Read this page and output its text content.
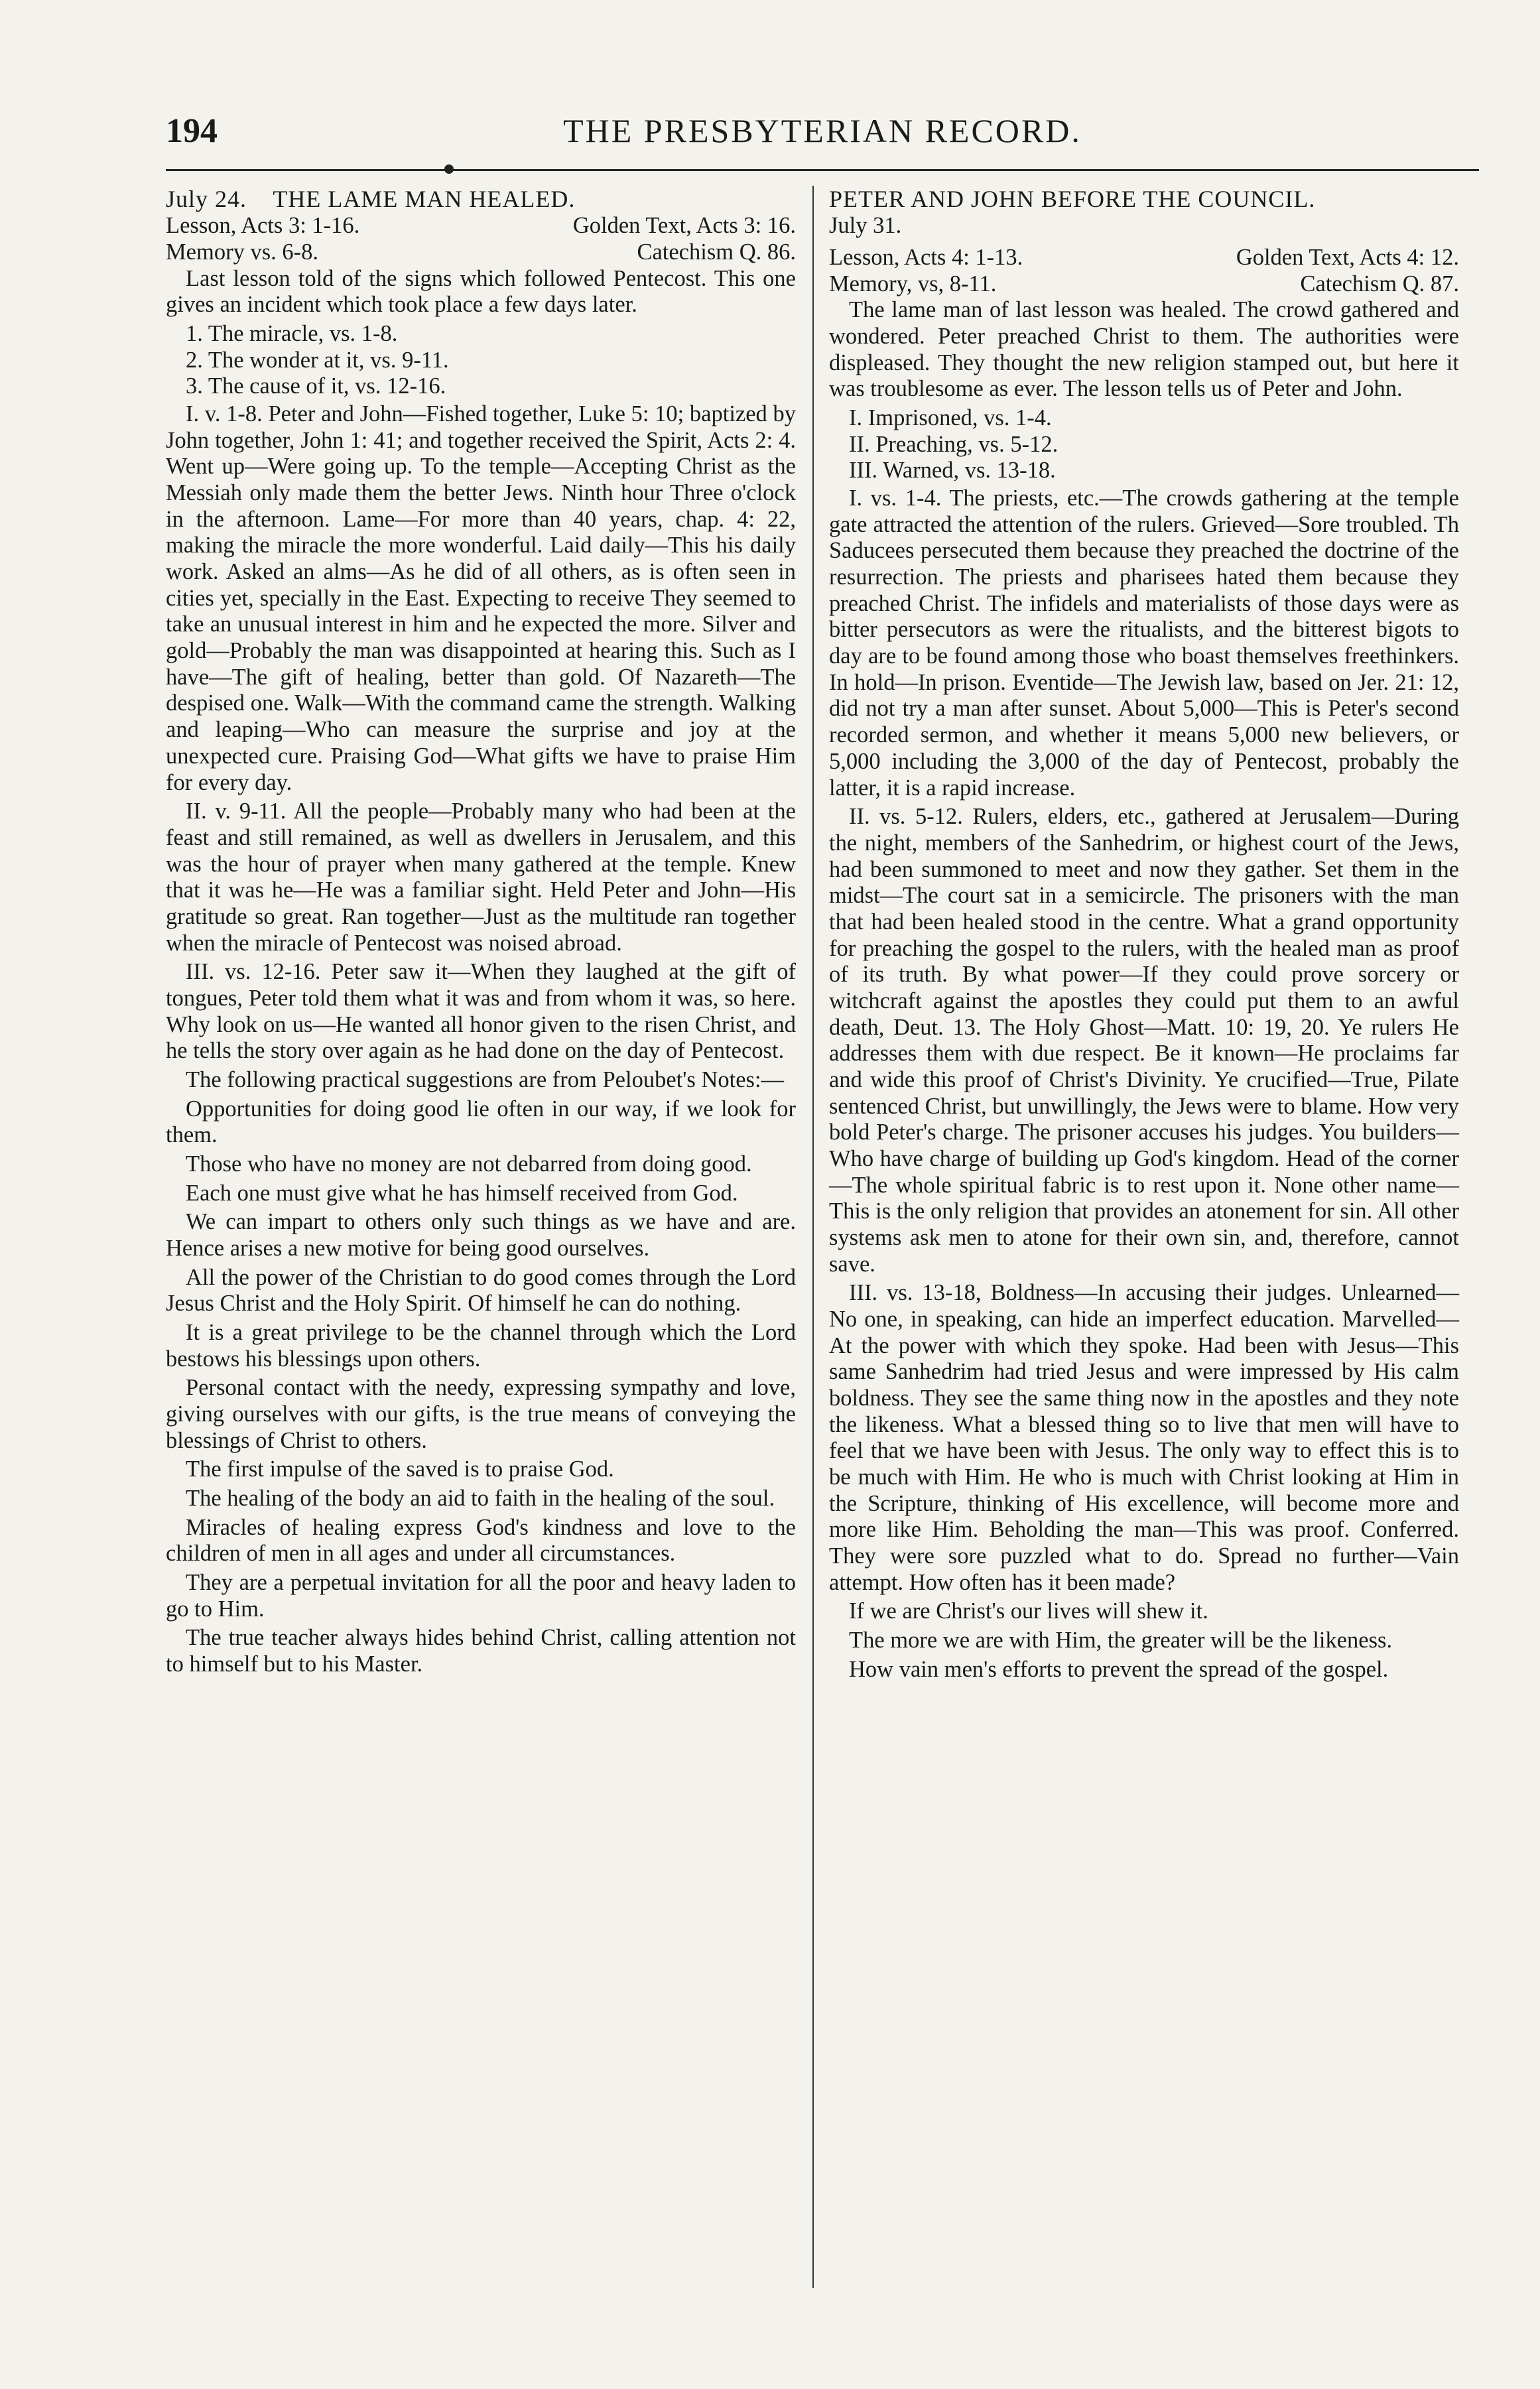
194	THE PRESBYTERIAN RECORD.
July 24. THE LAME MAN HEALED.
Lesson, Acts 3: 1-16.	Golden Text, Acts 3: 16.
Memory vs. 6-8.	Catechism Q. 86.

Last lesson told of the signs which followed Pentecost. This one gives an incident which took place a few days later.

1. The miracle, vs. 1-8.
2. The wonder at it, vs. 9-11.
3. The cause of it, vs. 12-16.

I. v. 1-8. Peter and John—Fished together, Luke 5: 10; baptized by John together, John 1: 41; and together received the Spirit, Acts 2: 4. Went up—Were going up. To the temple—Accepting Christ as the Messiah only made them the better Jews. Ninth hour Three o'clock in the afternoon. Lame—For more than 40 years, chap. 4: 22, making the miracle the more wonderful. Laid daily—This his daily work. Asked an alms—As he did of all others, as is often seen in cities yet, specially in the East. Expecting to receive They seemed to take an unusual interest in him and he expected the more. Silver and gold—Probably the man was disappointed at hearing this. Such as I have—The gift of healing, better than gold. Of Nazareth—The despised one. Walk—With the command came the strength. Walking and leaping—Who can measure the surprise and joy at the unexpected cure. Praising God—What gifts we have to praise Him for every day.

II. v. 9-11. All the people—Probably many who had been at the feast and still remained, as well as dwellers in Jerusalem, and this was the hour of prayer when many gathered at the temple. Knew that it was he—He was a familiar sight. Held Peter and John—His gratitude so great. Ran together—Just as the multitude ran together when the miracle of Pentecost was noised abroad.

III. vs. 12-16. Peter saw it—When they laughed at the gift of tongues, Peter told them what it was and from whom it was, so here. Why look on us—He wanted all honor given to the risen Christ, and he tells the story over again as he had done on the day of Pentecost.

The following practical suggestions are from Peloubet's Notes:—

Opportunities for doing good lie often in our way, if we look for them.

Those who have no money are not debarred from doing good.

Each one must give what he has himself received from God.

We can impart to others only such things as we have and are. Hence arises a new motive for being good ourselves.

All the power of the Christian to do good comes through the Lord Jesus Christ and the Holy Spirit. Of himself he can do nothing.

It is a great privilege to be the channel through which the Lord bestows his blessings upon others.

Personal contact with the needy, expressing sympathy and love, giving ourselves with our gifts, is the true means of conveying the blessings of Christ to others.

The first impulse of the saved is to praise God.

The healing of the body an aid to faith in the healing of the soul.

Miracles of healing express God's kindness and love to the children of men in all ages and under all circumstances.

They are a perpetual invitation for all the poor and heavy laden to go to Him.

The true teacher always hides behind Christ, calling attention not to himself but to his Master.

PETER AND JOHN BEFORE THE COUNCIL.
July 31.
Lesson, Acts 4: 1-13.	Golden Text, Acts 4: 12.
Memory, vs, 8-11.	Catechism Q. 87.

The lame man of last lesson was healed. The crowd gathered and wondered. Peter preached Christ to them. The authorities were displeased. They thought the new religion stamped out, but here it was troublesome as ever. The lesson tells us of Peter and John.

I. Imprisoned, vs. 1-4.
II. Preaching, vs. 5-12.
III. Warned, vs. 13-18.

I. vs. 1-4. The priests, etc.—The crowds gathering at the temple gate attracted the attention of the rulers. Grieved—Sore troubled. Th Saducees persecuted them because they preached the doctrine of the resurrection. The priests and pharisees hated them because they preached Christ. The infidels and materialists of those days were as bitter persecutors as were the ritualists, and the bitterest bigots to day are to be found among those who boast themselves freethinkers. In hold—In prison. Eventide—The Jewish law, based on Jer. 21: 12, did not try a man after sunset. About 5,000—This is Peter's second recorded sermon, and whether it means 5,000 new believers, or 5,000 including the 3,000 of the day of Pentecost, probably the latter, it is a rapid increase.

II. vs. 5-12. Rulers, elders, etc., gathered at Jerusalem—During the night, members of the Sanhedrim, or highest court of the Jews, had been summoned to meet and now they gather. Set them in the midst—The court sat in a semicircle. The prisoners with the man that had been healed stood in the centre. What a grand opportunity for preaching the gospel to the rulers, with the healed man as proof of its truth. By what power—If they could prove sorcery or witchcraft against the apostles they could put them to an awful death, Deut. 13. The Holy Ghost—Matt. 10: 19, 20. Ye rulers He addresses them with due respect. Be it known—He proclaims far and wide this proof of Christ's Divinity. Ye crucified—True, Pilate sentenced Christ, but unwillingly, the Jews were to blame. How very bold Peter's charge. The prisoner accuses his judges. You builders—Who have charge of building up God's kingdom. Head of the corner—The whole spiritual fabric is to rest upon it. None other name—This is the only religion that provides an atonement for sin. All other systems ask men to atone for their own sin, and, therefore, cannot save.

III. vs. 13-18, Boldness—In accusing their judges. Unlearned—No one, in speaking, can hide an imperfect education. Marvelled—At the power with which they spoke. Had been with Jesus—This same Sanhedrim had tried Jesus and were impressed by His calm boldness. They see the same thing now in the apostles and they note the likeness. What a blessed thing so to live that men will have to feel that we have been with Jesus. The only way to effect this is to be much with Him. He who is much with Christ looking at Him in the Scripture, thinking of His excellence, will become more and more like Him. Beholding the man—This was proof. Conferred. They were sore puzzled what to do. Spread no further—Vain attempt. How often has it been made?

If we are Christ's our lives will shew it.

The more we are with Him, the greater will be the likeness.

How vain men's efforts to prevent the spread of the gospel.
